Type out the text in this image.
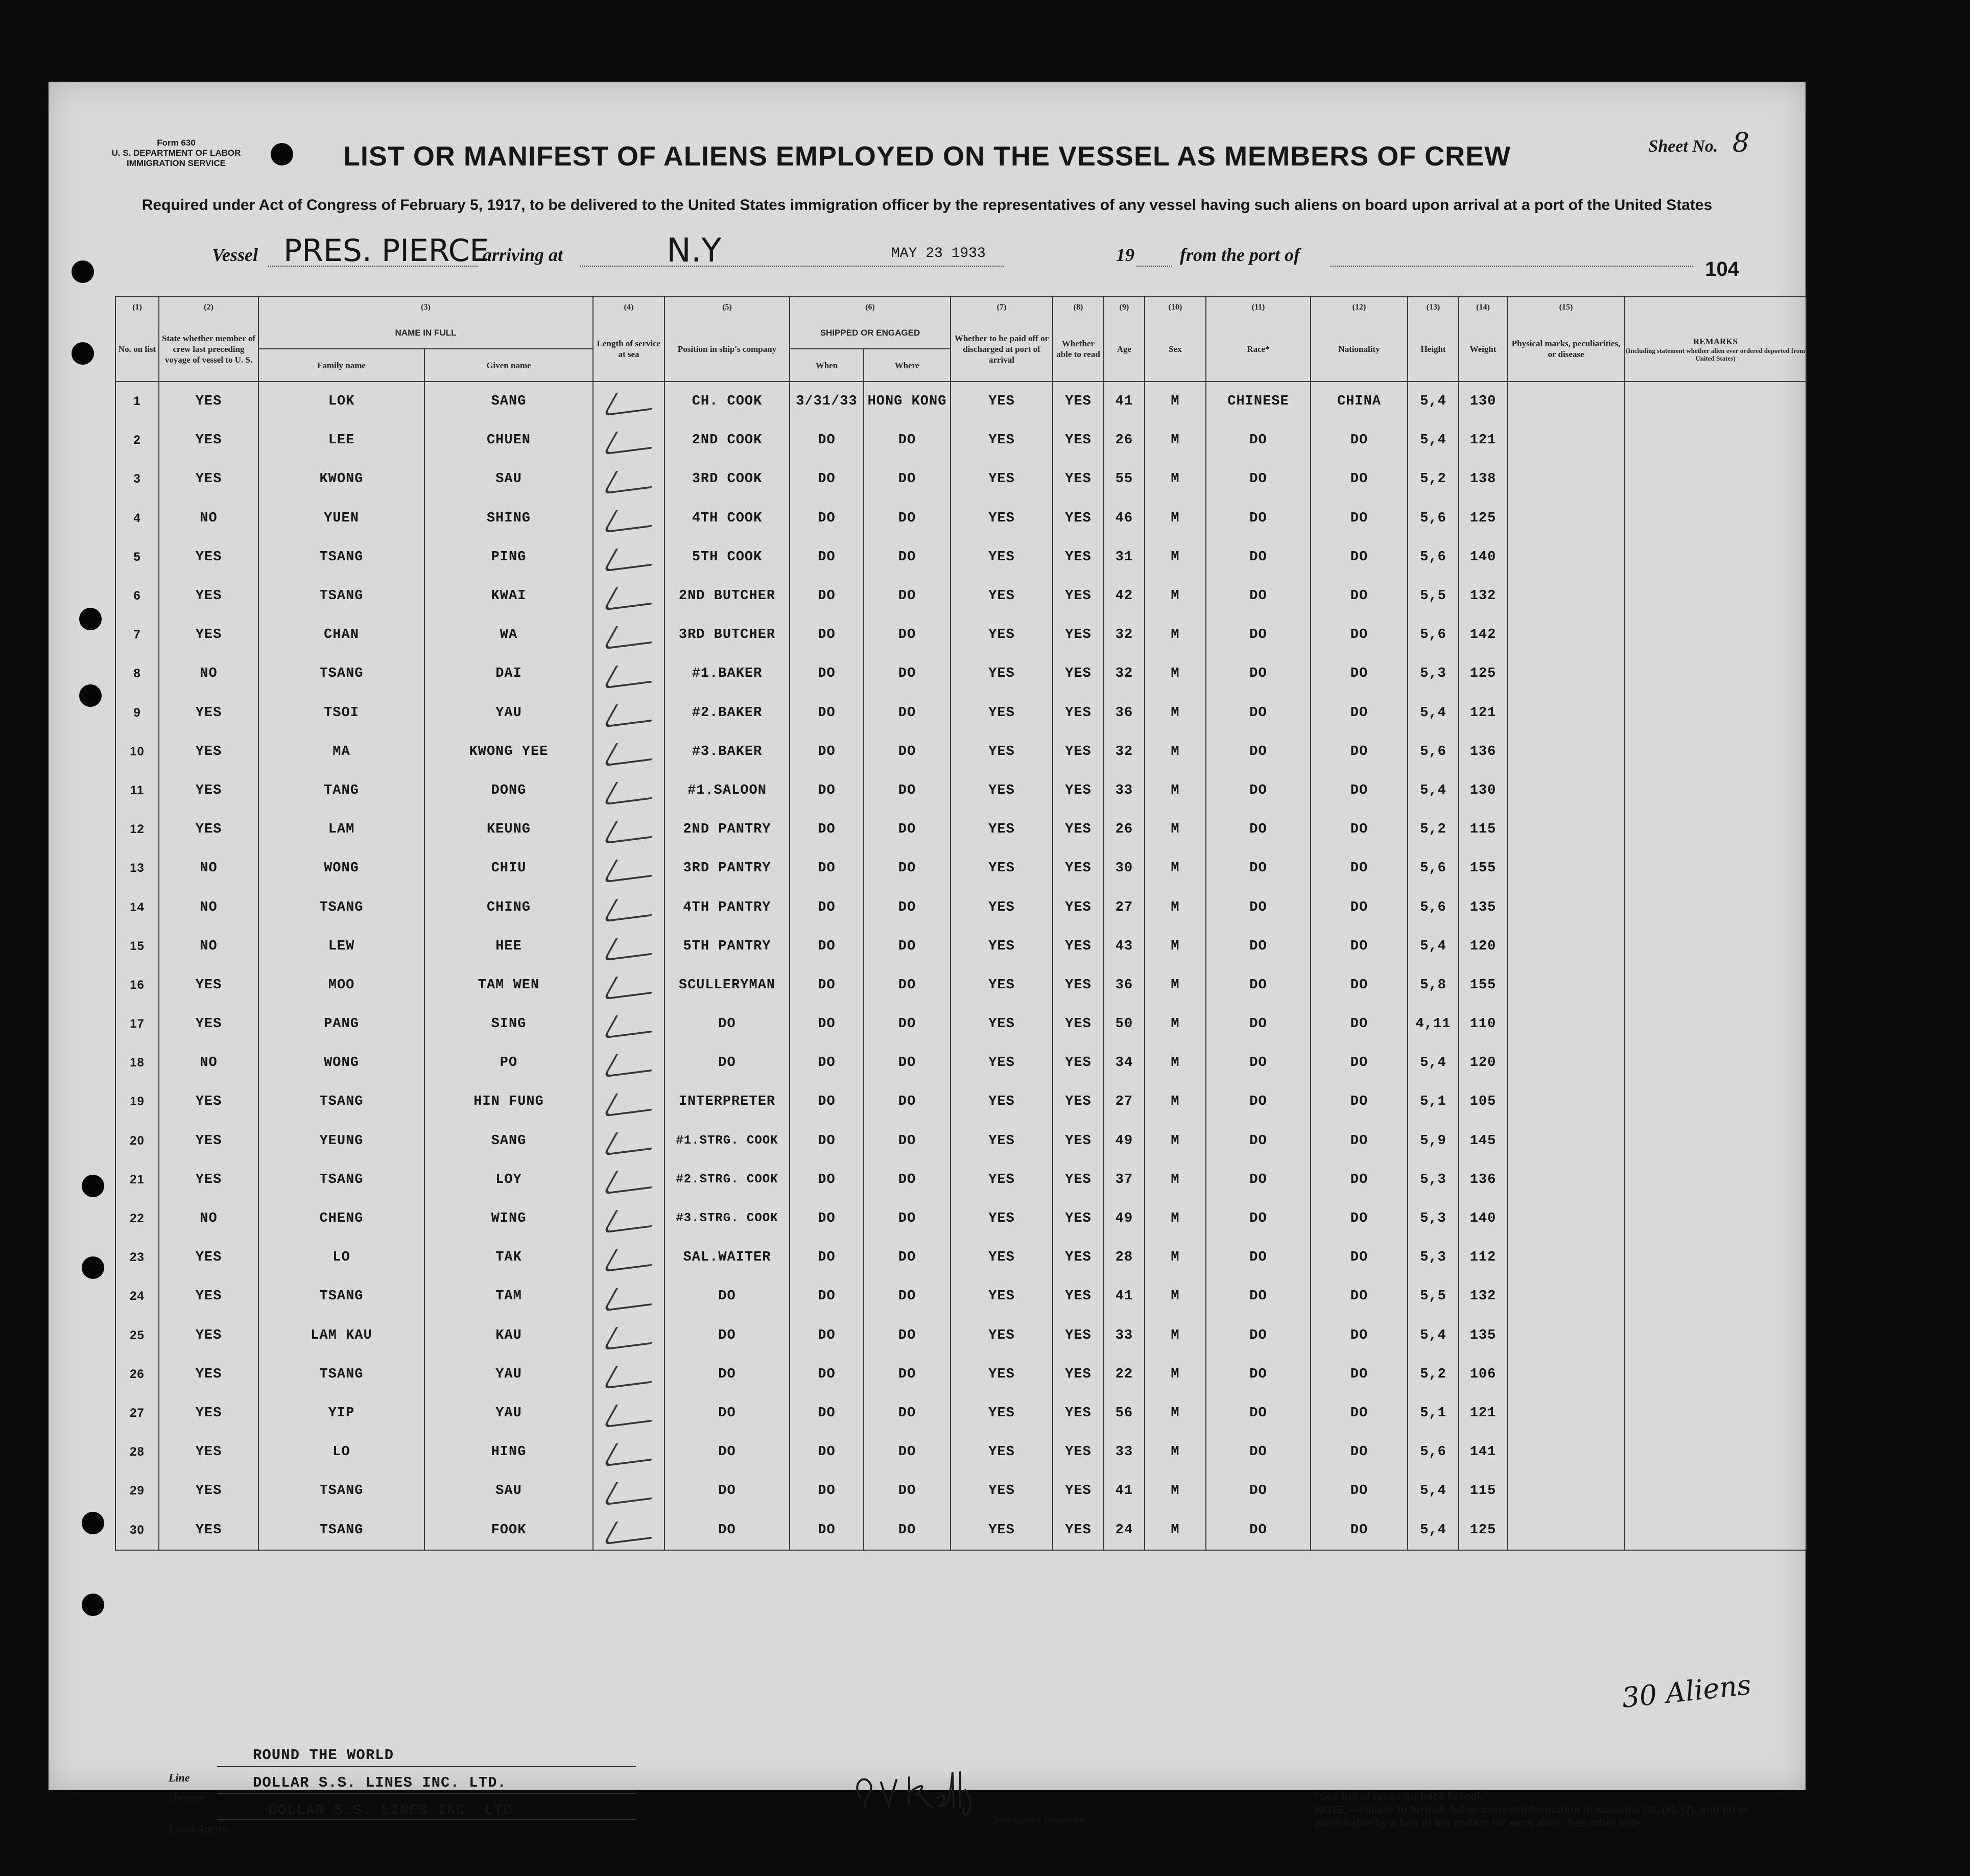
Form 630
U. S. DEPARTMENT OF LABOR
IMMIGRATION SERVICE
Sheet No. 8
LIST OR MANIFEST OF ALIENS EMPLOYED ON THE VESSEL AS MEMBERS OF CREW
Required under Act of Congress of February 5, 1917, to be delivered to the United States immigration officer by the representatives of any vessel having such aliens on board upon arrival at a port of the United States
Vessel PRES. PIERCE
arriving at	N.Y	MAY 23 1933	19 from the port of
104
(1)	(2)	(3)		(4)	(5)	(6)		(7)	(8)	(9)	(10)	(11)	(12)	(13)	(14)	(15)	
No. on list	State whether member of crew last preceding voyage of vessel to U. S.	NAME IN FULL		Length of service at sea	Position in ship's company	SHIPPED OR ENGAGED		Whether to be paid off or discharged at port of arrival	Whether able to read	Age	Sex	Race*	Nationality	Height	Weight	Physical marks, peculiarities, or disease	REMARKS
(Including statement whether alien ever ordered deported from United States)

		Family name	Given name			When	Where										
1	YES	LOK	SANG		CH. COOK	3/31/33	HONG KONG	YES	YES	41	M	CHINESE	CHINA	5,4	130		
2	YES	LEE	CHUEN		2ND COOK	DO	DO	YES	YES	26	M	DO	DO	5,4	121		
3	YES	KWONG	SAU		3RD COOK	DO	DO	YES	YES	55	M	DO	DO	5,2	138		
4	NO	YUEN	SHING		4TH COOK	DO	DO	YES	YES	46	M	DO	DO	5,6	125		
5	YES	TSANG	PING		5TH COOK	DO	DO	YES	YES	31	M	DO	DO	5,6	140		
6	YES	TSANG	KWAI		2ND BUTCHER	DO	DO	YES	YES	42	M	DO	DO	5,5	132		
7	YES	CHAN	WA		3RD BUTCHER	DO	DO	YES	YES	32	M	DO	DO	5,6	142		
8	NO	TSANG	DAI		#1.BAKER	DO	DO	YES	YES	32	M	DO	DO	5,3	125		
9	YES	TSOI	YAU		#2.BAKER	DO	DO	YES	YES	36	M	DO	DO	5,4	121		
10	YES	MA	KWONG YEE		#3.BAKER	DO	DO	YES	YES	32	M	DO	DO	5,6	136		
11	YES	TANG	DONG		#1.SALOON	DO	DO	YES	YES	33	M	DO	DO	5,4	130		
12	YES	LAM	KEUNG		2ND PANTRY	DO	DO	YES	YES	26	M	DO	DO	5,2	115		
13	NO	WONG	CHIU		3RD PANTRY	DO	DO	YES	YES	30	M	DO	DO	5,6	155		
14	NO	TSANG	CHING		4TH PANTRY	DO	DO	YES	YES	27	M	DO	DO	5,6	135		
15	NO	LEW	HEE		5TH PANTRY	DO	DO	YES	YES	43	M	DO	DO	5,4	120		
16	YES	MOO	TAM WEN		SCULLERYMAN	DO	DO	YES	YES	36	M	DO	DO	5,8	155		
17	YES	PANG	SING		DO	DO	DO	YES	YES	50	M	DO	DO	4,11	110		
18	NO	WONG	PO		DO	DO	DO	YES	YES	34	M	DO	DO	5,4	120		
19	YES	TSANG	HIN FUNG		INTERPRETER	DO	DO	YES	YES	27	M	DO	DO	5,1	105		
20	YES	YEUNG	SANG		#1.STRG. COOK	DO	DO	YES	YES	49	M	DO	DO	5,9	145		
21	YES	TSANG	LOY		#2.STRG. COOK	DO	DO	YES	YES	37	M	DO	DO	5,3	136		
22	NO	CHENG	WING		#3.STRG. COOK	DO	DO	YES	YES	49	M	DO	DO	5,3	140		
23	YES	LO	TAK		SAL.WAITER	DO	DO	YES	YES	28	M	DO	DO	5,3	112		
24	YES	TSANG	TAM		DO	DO	DO	YES	YES	41	M	DO	DO	5,5	132		
25	YES	LAM KAU	KAU		DO	DO	DO	YES	YES	33	M	DO	DO	5,4	135		
26	YES	TSANG	YAU		DO	DO	DO	YES	YES	22	M	DO	DO	5,2	106		
27	YES	YIP	YAU		DO	DO	DO	YES	YES	56	M	DO	DO	5,1	121		
28	YES	LO	HING		DO	DO	DO	YES	YES	33	M	DO	DO	5,6	141		
29	YES	TSANG	SAU		DO	DO	DO	YES	YES	41	M	DO	DO	5,4	115		
30	YES	TSANG	FOOK		DO	DO	DO	YES	YES	24	M	DO	DO	5,4	125		
30 Aliens
ROUND THE WORLD
Line	DOLLAR S.S. LINES INC. LTD.
Owners
DOLLAR S.S. LINES INC. LTD.
Local Agents
Immigrant Inspector.
*See list of races on back hereof.
NOTE.—Failure to furnish full or correct information in columns (3), (6), (7), and (8) is punishable by a fine of ten dollars for each alien. See other side.
